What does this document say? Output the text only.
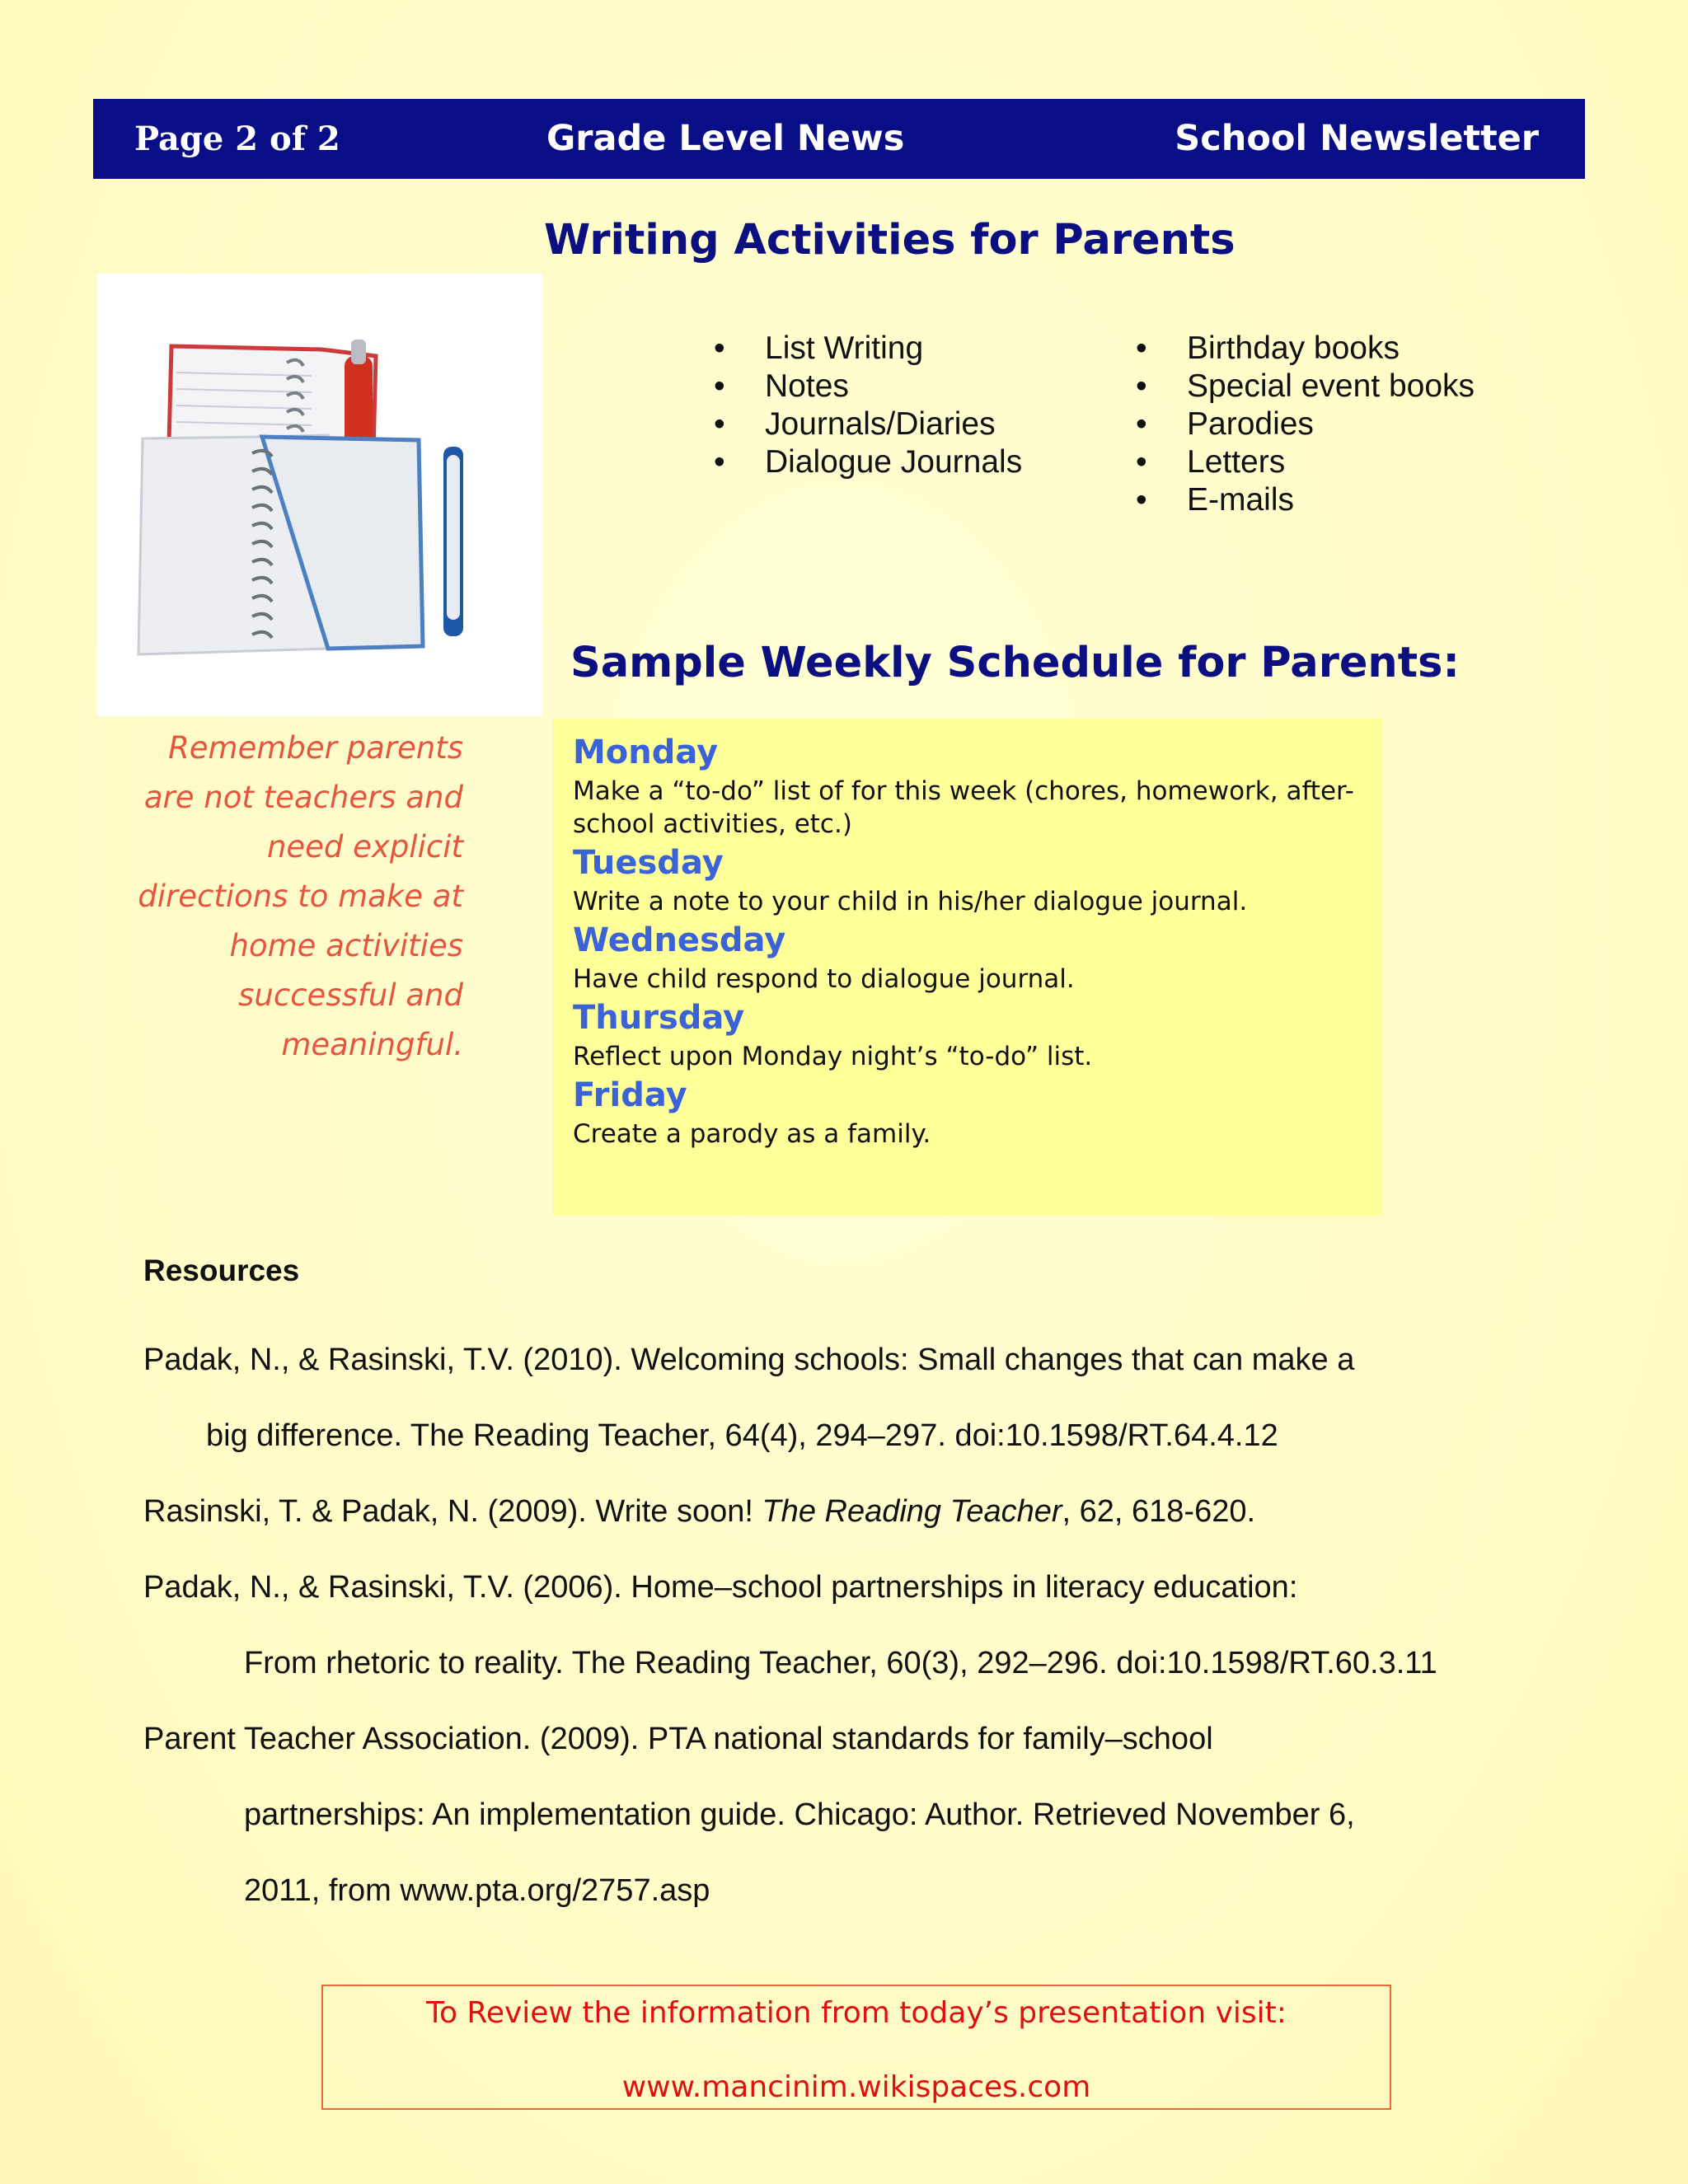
Page 2 of 2	Grade Level News	School Newsletter
Writing Activities for Parents
• List Writing
• Notes
• Journals/Diaries
• Dialogue Journals
• Birthday books
• Special event books
• Parodies
• Letters
• E-mails
Sample Weekly Schedule for Parents:
Remember parents are not teachers and need explicit directions to make at home activities successful and meaningful.
Monday
Make a “to-do” list of for this week (chores, homework, after-school activities, etc.)
Tuesday
Write a note to your child in his/her dialogue journal.
Wednesday
Have child respond to dialogue journal.
Thursday
Reflect upon Monday night’s “to-do” list.
Friday
Create a parody as a family.
Resources
Padak, N., & Rasinski, T.V. (2010). Welcoming schools: Small changes that can make a
big difference. The Reading Teacher, 64(4), 294–297. doi:10.1598/RT.64.4.12
Rasinski, T. & Padak, N. (2009). Write soon! The Reading Teacher, 62, 618-620.
Padak, N., & Rasinski, T.V. (2006). Home–school partnerships in literacy education:
From rhetoric to reality. The Reading Teacher, 60(3), 292–296. doi:10.1598/RT.60.3.11
Parent Teacher Association. (2009). PTA national standards for family–school
partnerships: An implementation guide. Chicago: Author. Retrieved November 6,
2011, from www.pta.org/2757.asp
To Review the information from today’s presentation visit:
www.mancinim.wikispaces.com
